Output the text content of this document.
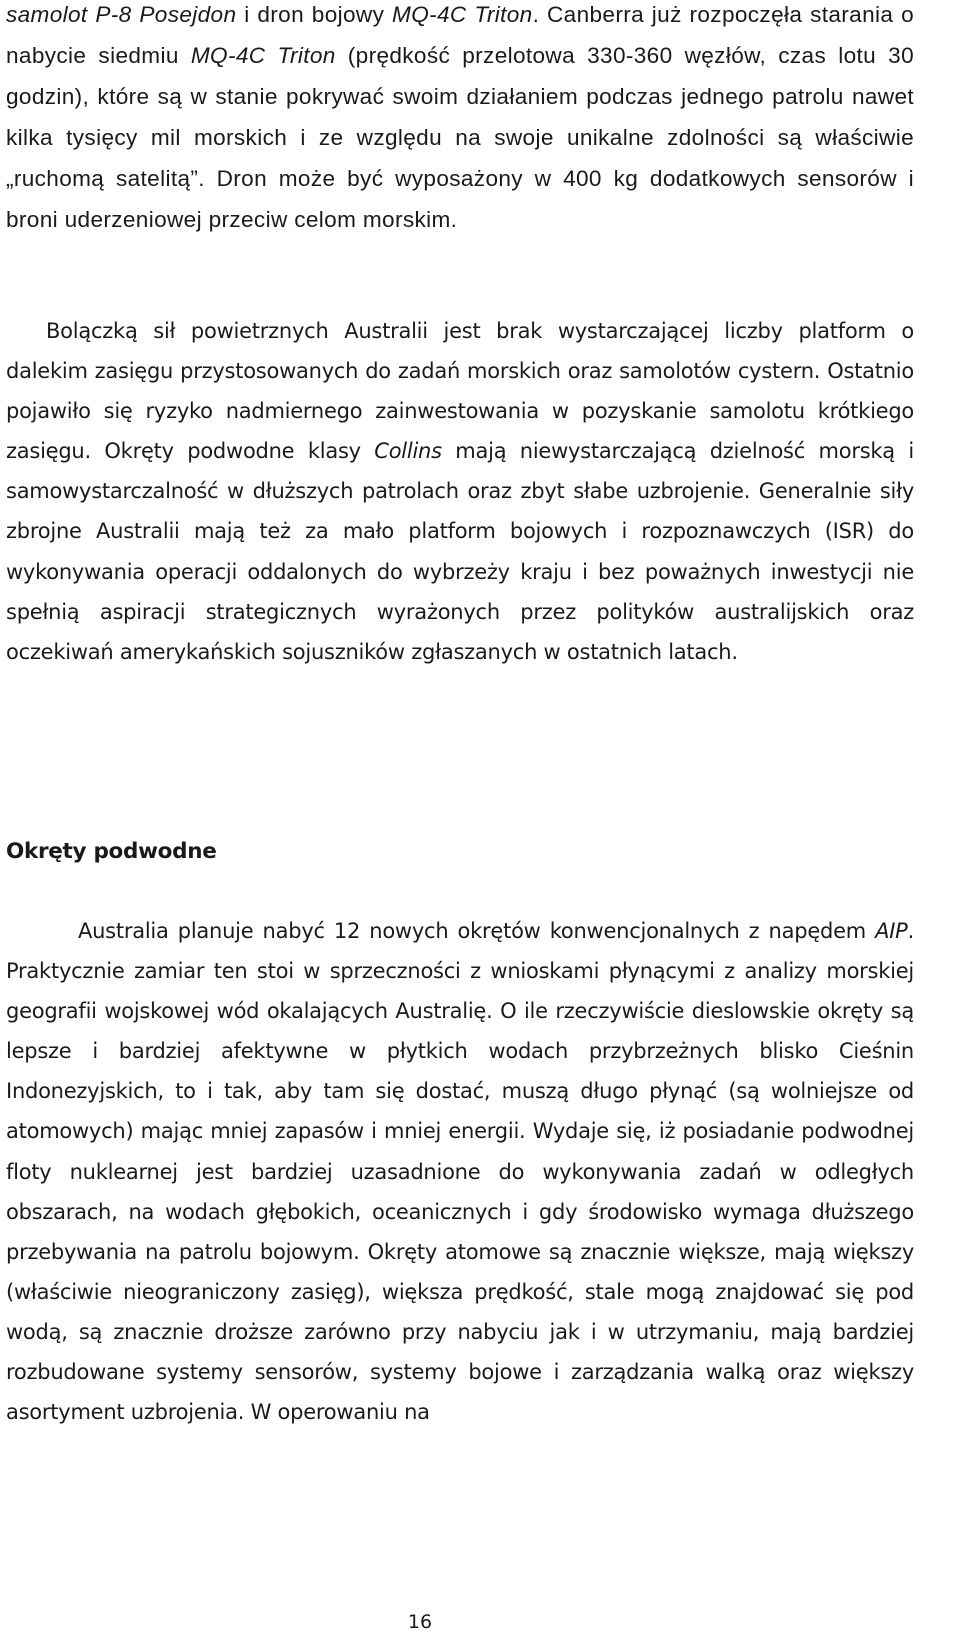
samolot P-8 Posejdon i dron bojowy MQ-4C Triton. Canberra już rozpoczęła starania o nabycie siedmiu MQ-4C Triton (prędkość przelotowa 330-360 węzłów, czas lotu 30 godzin), które są w stanie pokrywać swoim działaniem podczas jednego patrolu nawet kilka tysięcy mil morskich i ze względu na swoje unikalne zdolności są właściwie „ruchomą satelitą”. Dron może być wyposażony w 400 kg dodatkowych sensorów i broni uderzeniowej przeciw celom morskim.

Bolączką sił powietrznych Australii jest brak wystarczającej liczby platform o dalekim zasięgu przystosowanych do zadań morskich oraz samolotów cystern. Ostatnio pojawiło się ryzyko nadmiernego zainwestowania w pozyskanie samolotu krótkiego zasięgu. Okręty podwodne klasy Collins mają niewystarczającą dzielność morską i samowystarczalność w dłuższych patrolach oraz zbyt słabe uzbrojenie. Generalnie siły zbrojne Australii mają też za mało platform bojowych i rozpoznawczych (ISR) do wykonywania operacji oddalonych do wybrzeży kraju i bez poważnych inwestycji nie spełnią aspiracji strategicznych wyrażonych przez polityków australijskich oraz oczekiwań amerykańskich sojuszników zgłaszanych w ostatnich latach.

Okręty podwodne

Australia planuje nabyć 12 nowych okrętów konwencjonalnych z napędem AIP. Praktycznie zamiar ten stoi w sprzeczności z wnioskami płynącymi z analizy morskiej geografii wojskowej wód okalających Australię. O ile rzeczywiście dieslowskie okręty są lepsze i bardziej afektywne w płytkich wodach przybrzeżnych blisko Cieśnin Indonezyjskich, to i tak, aby tam się dostać, muszą długo płynąć (są wolniejsze od atomowych) mając mniej zapasów i mniej energii. Wydaje się, iż posiadanie podwodnej floty nuklearnej jest bardziej uzasadnione do wykonywania zadań w odległych obszarach, na wodach głębokich, oceanicznych i gdy środowisko wymaga dłuższego przebywania na patrolu bojowym. Okręty atomowe są znacznie większe, mają większy (właściwie nieograniczony zasięg), większa prędkość, stale mogą znajdować się pod wodą, są znacznie droższe zarówno przy nabyciu jak i w utrzymaniu, mają bardziej rozbudowane systemy sensorów, systemy bojowe i zarządzania walką oraz większy asortyment uzbrojenia. W operowaniu na

16
